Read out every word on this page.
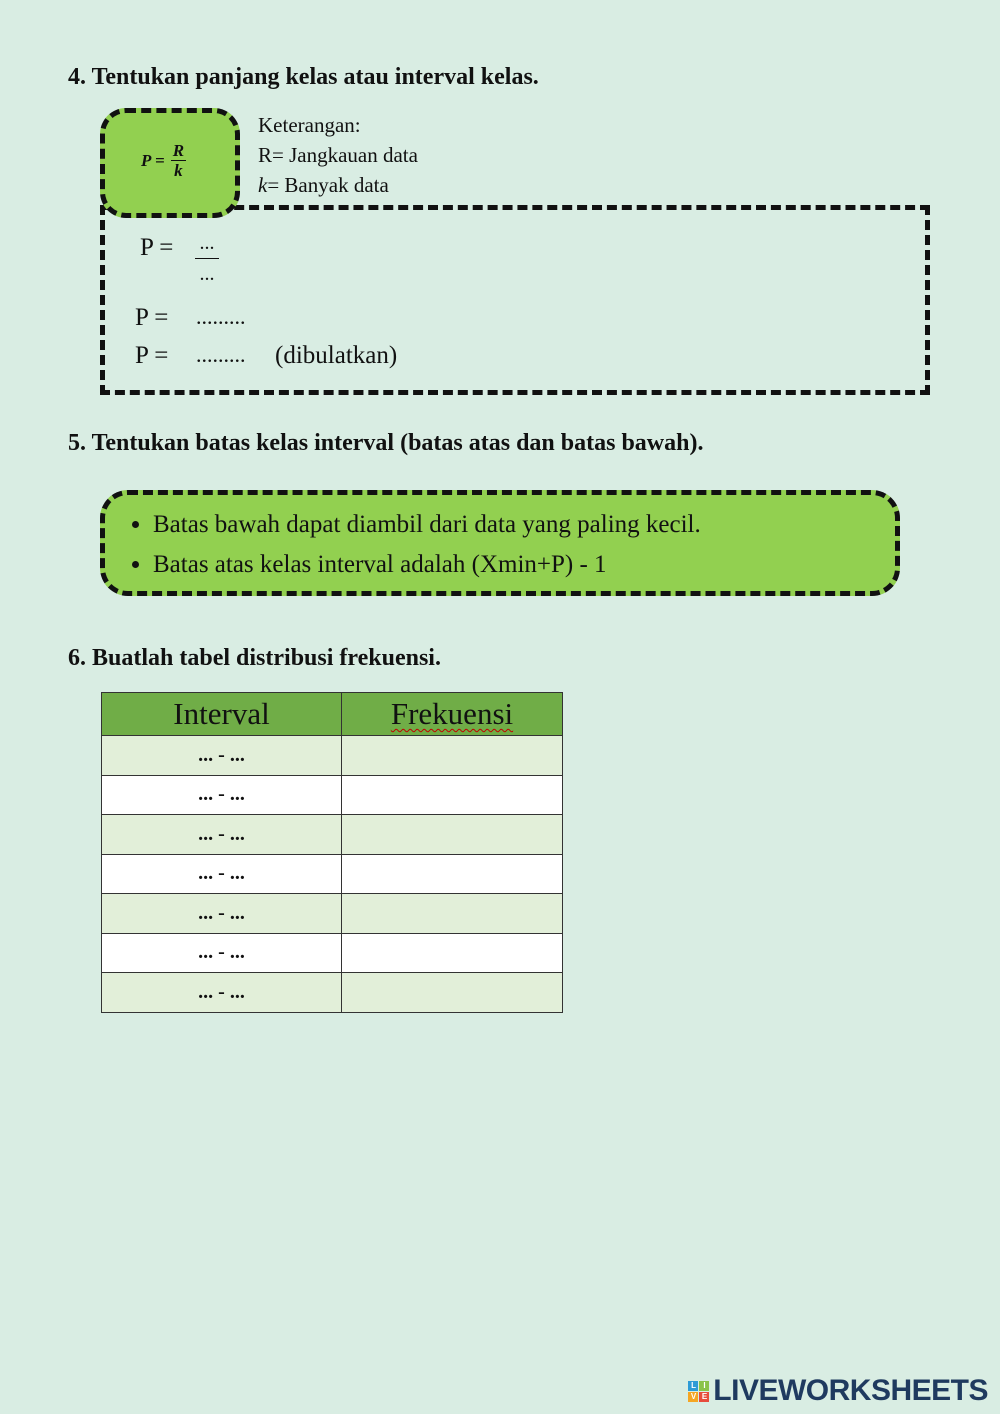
4. Tentukan panjang kelas atau interval kelas.
$P = \frac{R}{k}$
Keterangan:
R= Jangkauan data
k= Banyak data
P = ...
...
P = .........
P = ......... (dibulatkan)
5. Tentukan batas kelas interval (batas atas dan batas bawah).
• Batas bawah dapat diambil dari data yang paling kecil.
• Batas atas kelas interval adalah (Xmin+P) - 1
6. Buatlah tabel distribusi frekuensi.
Interval	Frekuensi
... - ...	
... - ...	
... - ...	
... - ...	
... - ...	
... - ...	
... - ...	
L I
V E LIVEWORKSHEETS
